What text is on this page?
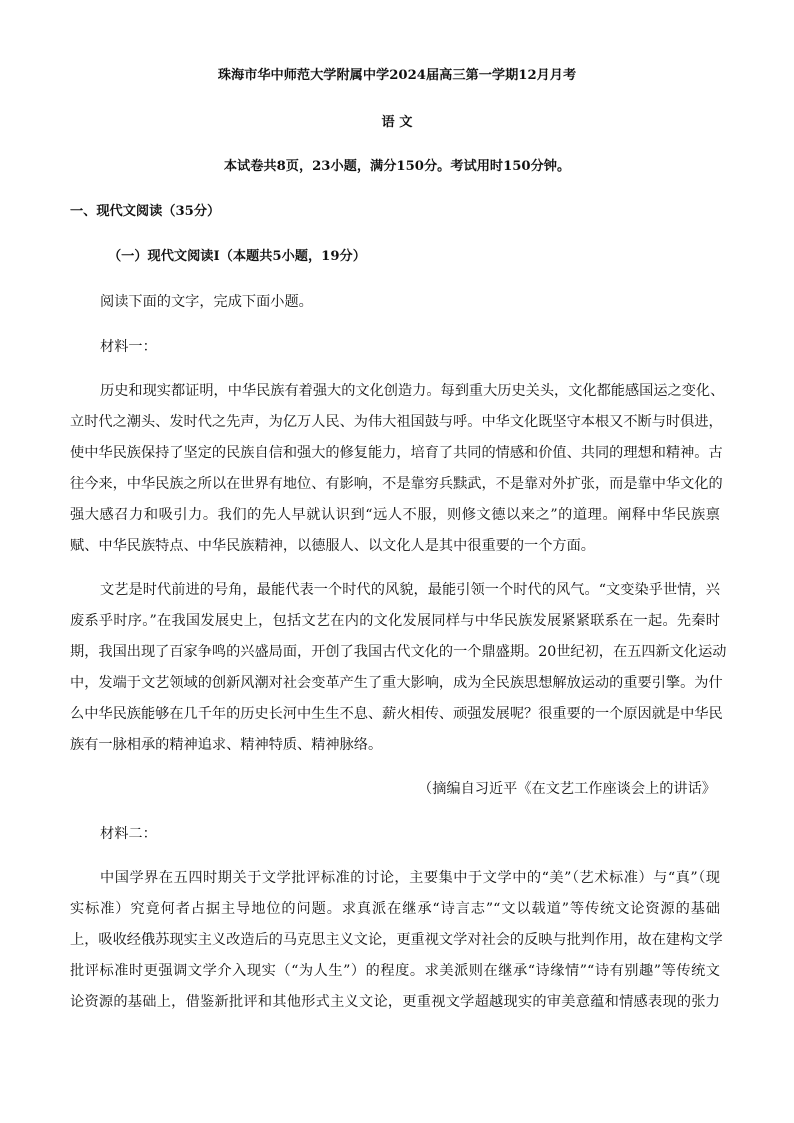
珠海市华中师范大学附属中学2024届高三第一学期12月月考
语 文
本试卷共8页，23小题，满分150分。考试用时150分钟。
一、现代文阅读（35分）
（一）现代文阅读Ⅰ（本题共5小题，19分）
阅读下面的文字，完成下面小题。
材料一：
历史和现实都证明，中华民族有着强大的文化创造力。每到重大历史关头，文化都能感国运之变化、
立时代之潮头、发时代之先声，为亿万人民、为伟大祖国鼓与呼。中华文化既坚守本根又不断与时俱进，
使中华民族保持了坚定的民族自信和强大的修复能力，培育了共同的情感和价值、共同的理想和精神。古
往今来，中华民族之所以在世界有地位、有影响，不是靠穷兵黩武，不是靠对外扩张，而是靠中华文化的
强大感召力和吸引力。我们的先人早就认识到“远人不服，则修文德以来之”的道理。阐释中华民族禀
赋、中华民族特点、中华民族精神，以德服人、以文化人是其中很重要的一个方面。
文艺是时代前进的号角，最能代表一个时代的风貌，最能引领一个时代的风气。“文变染乎世情，兴
废系乎时序。”在我国发展史上，包括文艺在内的文化发展同样与中华民族发展紧紧联系在一起。先秦时
期，我国出现了百家争鸣的兴盛局面，开创了我国古代文化的一个鼎盛期。20世纪初，在五四新文化运动
中，发端于文艺领域的创新风潮对社会变革产生了重大影响，成为全民族思想解放运动的重要引擎。为什
么中华民族能够在几千年的历史长河中生生不息、薪火相传、顽强发展呢？很重要的一个原因就是中华民
族有一脉相承的精神追求、精神特质、精神脉络。
（摘编自习近平《在文艺工作座谈会上的讲话》
材料二：
中国学界在五四时期关于文学批评标准的讨论，主要集中于文学中的“美”（艺术标准）与“真”（现
实标准）究竟何者占据主导地位的问题。求真派在继承“诗言志”“文以载道”等传统文论资源的基础
上，吸收经俄苏现实主义改造后的马克思主义文论，更重视文学对社会的反映与批判作用，故在建构文学
批评标准时更强调文学介入现实（“为人生”）的程度。求美派则在继承“诗缘情”“诗有别趣”等传统文
论资源的基础上，借鉴新批评和其他形式主义文论，更重视文学超越现实的审美意蕴和情感表现的张力
